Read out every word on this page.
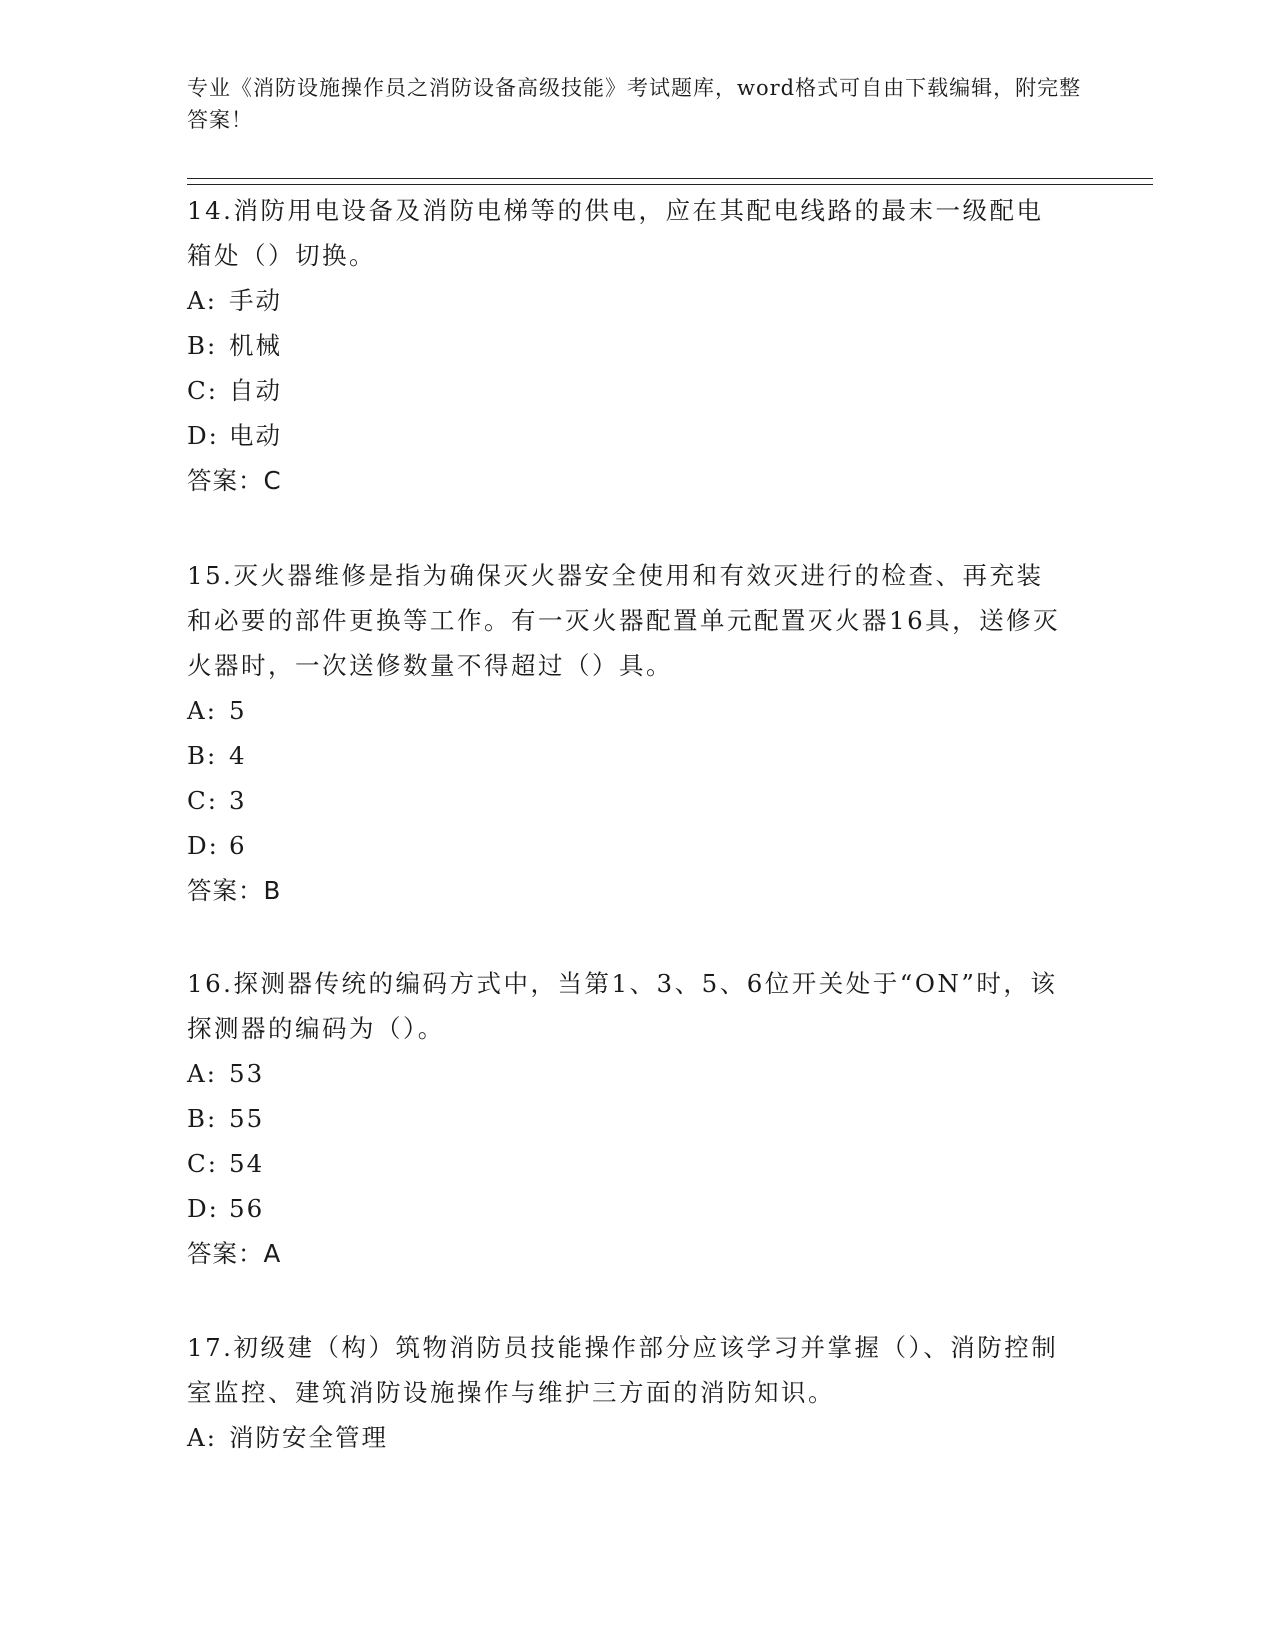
专业《消防设施操作员之消防设备高级技能》考试题库，word格式可自由下载编辑，附完整答案！

14.消防用电设备及消防电梯等的供电，应在其配电线路的最末一级配电箱处（）切换。

A: 手动
B: 机械
C: 自动
D: 电动
答案：C

15.灭火器维修是指为确保灭火器安全使用和有效灭进行的检查、再充装和必要的部件更换等工作。有一灭火器配置单元配置灭火器16具，送修灭火器时，一次送修数量不得超过（）具。

A: 5
B: 4
C: 3
D: 6
答案：B

16.探测器传统的编码方式中，当第1、3、5、6位开关处于“ON”时，该探测器的编码为（）。

A: 53
B: 55
C: 54
D: 56
答案：A

17.初级建（构）筑物消防员技能操作部分应该学习并掌握（）、消防控制室监控、建筑消防设施操作与维护三方面的消防知识。

A: 消防安全管理
